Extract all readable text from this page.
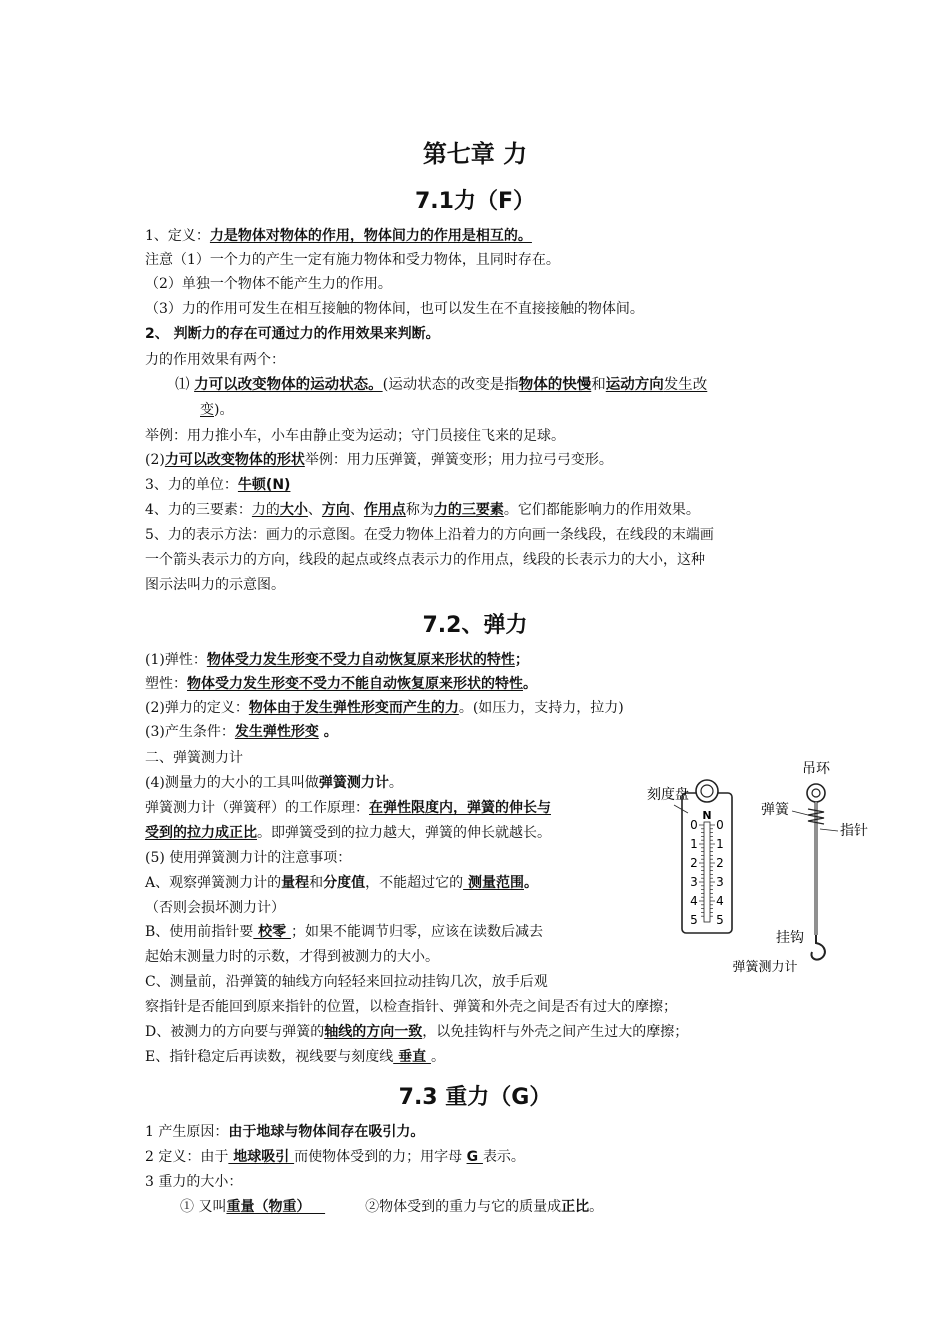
第七章 力
7.1力（F）
1、定义：力是物体对物体的作用，物体间力的作用是相互的。
注意（1）一个力的产生一定有施力物体和受力物体，且同时存在。
（2）单独一个物体不能产生力的作用。
（3）力的作用可发生在相互接触的物体间，也可以发生在不直接接触的物体间。
2、 判断力的存在可通过力的作用效果来判断。
力的作用效果有两个：
⑴ 力可以改变物体的运动状态。(运动状态的改变是指物体的快慢和运动方向发生改
变)。
举例：用力推小车，小车由静止变为运动；守门员接住飞来的足球。
(2)力可以改变物体的形状举例：用力压弹簧，弹簧变形；用力拉弓弓变形。
3、力的单位：牛顿(N)
4、力的三要素：力的大小、方向、作用点称为力的三要素。它们都能影响力的作用效果。
5、力的表示方法：画力的示意图。在受力物体上沿着力的方向画一条线段，在线段的末端画
一个箭头表示力的方向，线段的起点或终点表示力的作用点，线段的长表示力的大小，这种
图示法叫力的示意图。
7.2、弹力
(1)弹性：物体受力发生形变不受力自动恢复原来形状的特性；
塑性：物体受力发生形变不受力不能自动恢复原来形状的特性。
(2)弹力的定义：物体由于发生弹性形变而产生的力。(如压力，支持力，拉力)
(3)产生条件：发生弹性形变 。
二、弹簧测力计
(4)测量力的大小的工具叫做弹簧测力计。
弹簧测力计（弹簧秤）的工作原理：在弹性限度内，弹簧的伸长与
受到的拉力成正比。即弹簧受到的拉力越大，弹簧的伸长就越长。
(5) 使用弹簧测力计的注意事项：
A、观察弹簧测力计的量程和分度值，不能超过它的 测量范围。
（否则会损坏测力计）
B、使用前指针要 校零 ；如果不能调节归零，应该在读数后减去
起始末测量力时的示数，才得到被测力的大小。
C、测量前，沿弹簧的轴线方向轻轻来回拉动挂钩几次，放手后观
察指针是否能回到原来指针的位置，以检查指针、弹簧和外壳之间是否有过大的摩擦；
D、被测力的方向要与弹簧的轴线的方向一致，以免挂钩杆与外壳之间产生过大的摩擦；
E、指针稳定后再读数，视线要与刻度线 垂直 。
N
0 0
1 1
2 2
3 3
4 4
5 5
刻度盘
吊环
弹簧
指针
挂钩
弹簧测力计
7.3 重力（G）
1 产生原因：由于地球与物体间存在吸引力。
2 定义：由于 地球吸引 而使物体受到的力；用字母 G 表示。
3 重力的大小：
① 又叫重量（物重）	②物体受到的重力与它的质量成正比。
